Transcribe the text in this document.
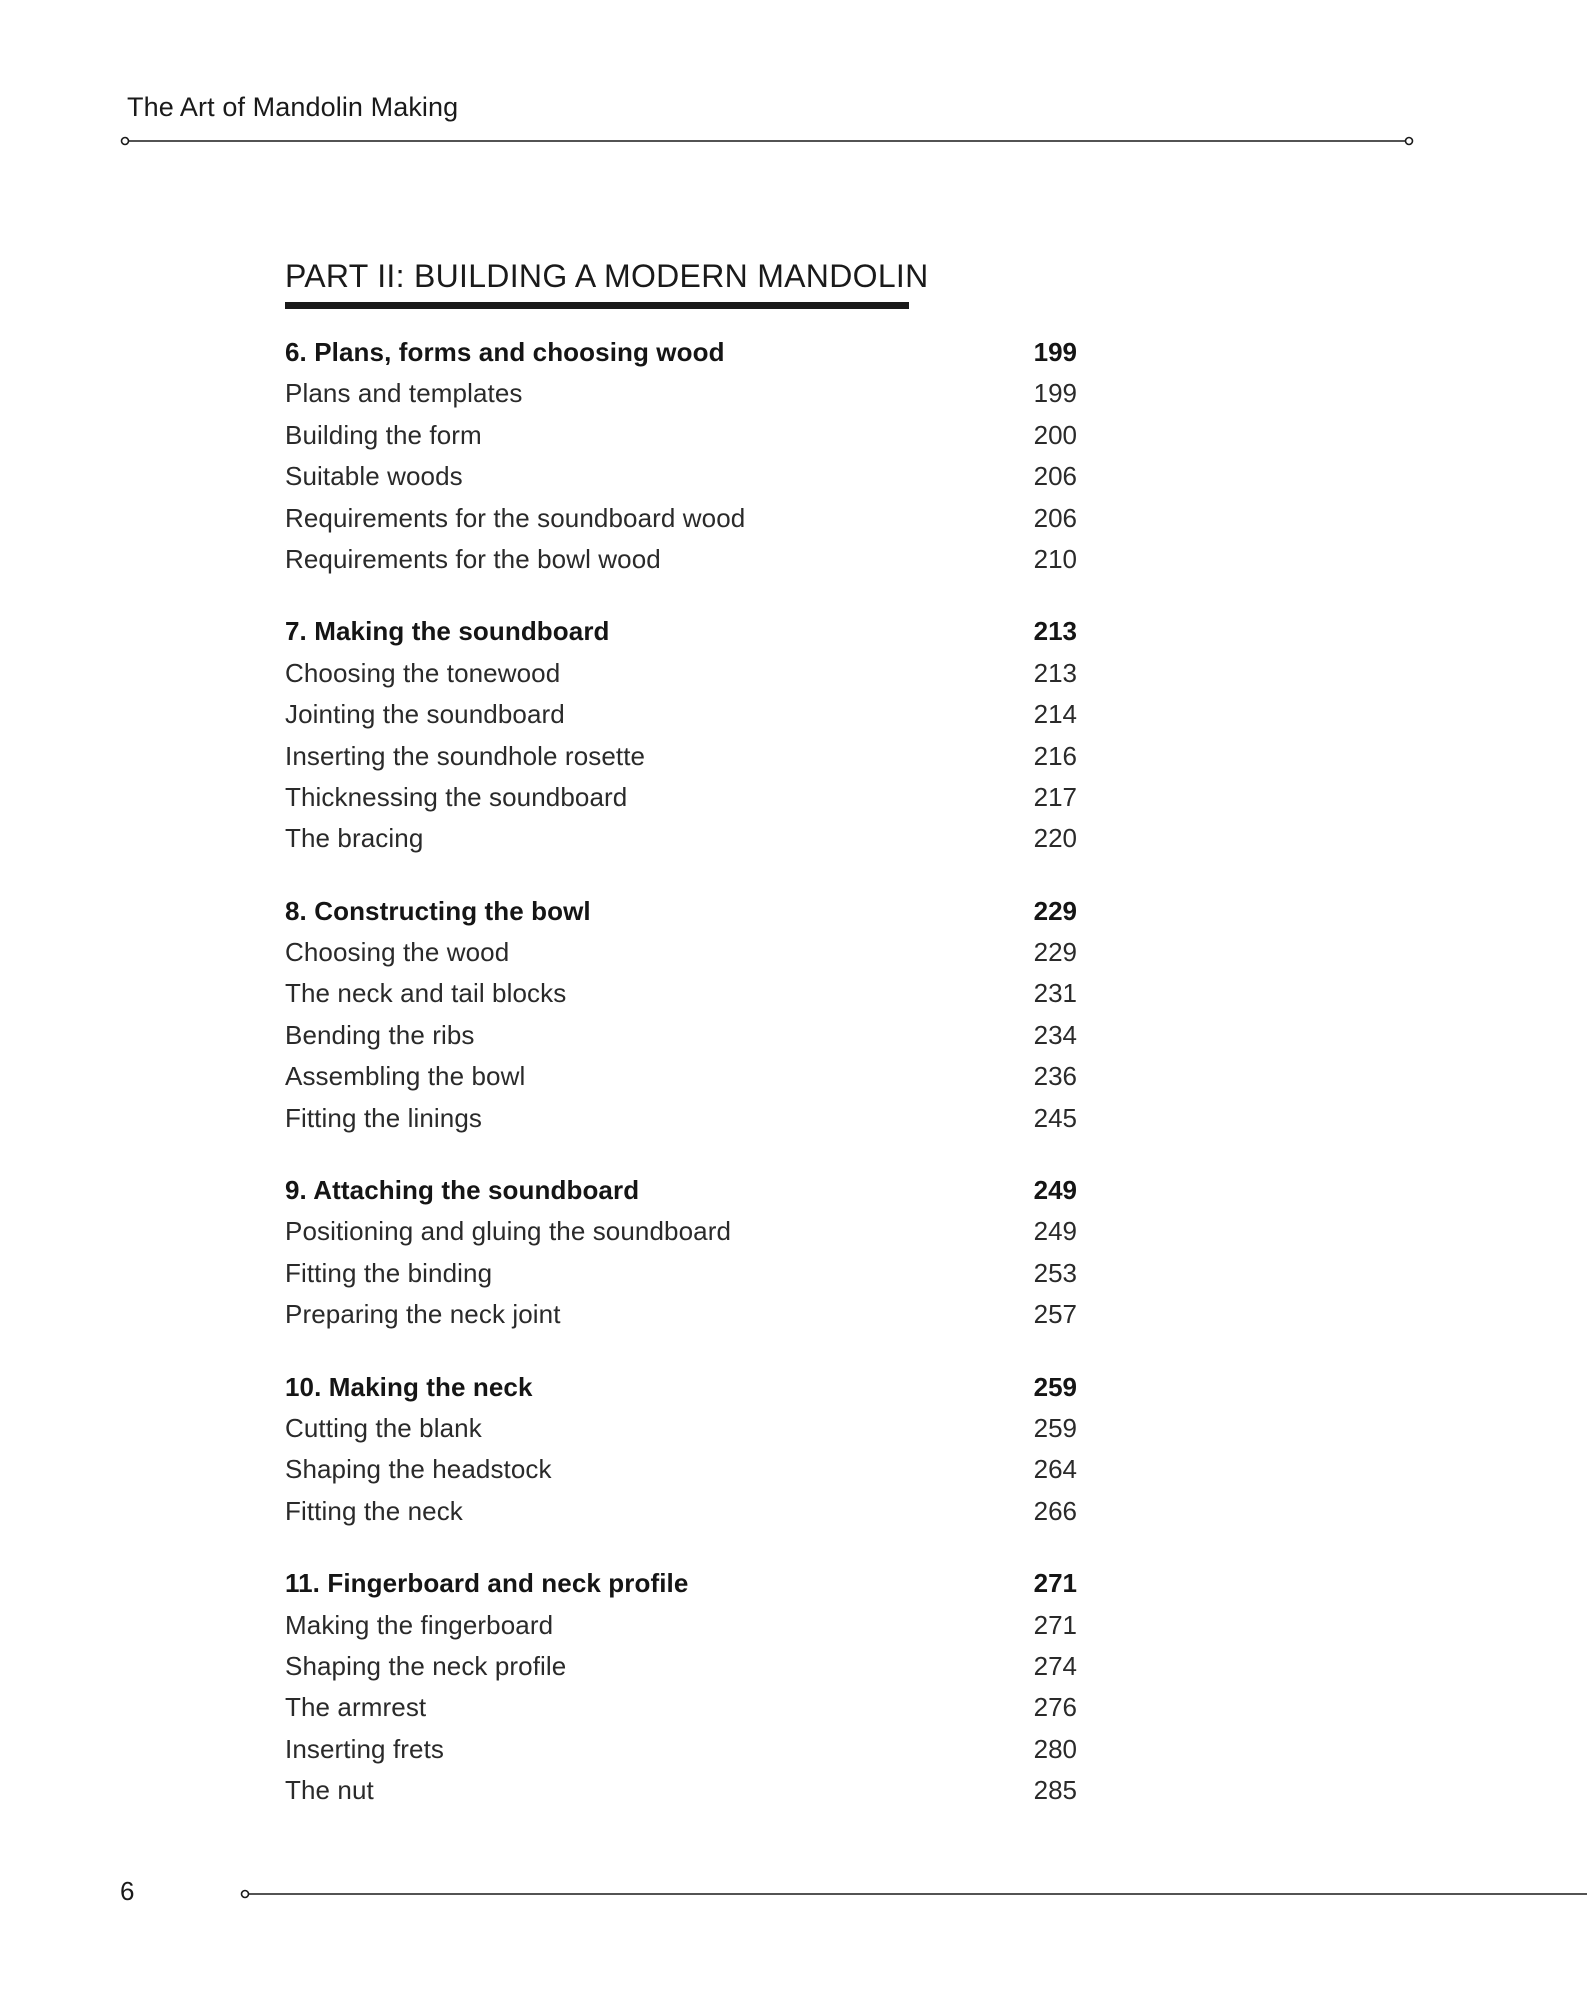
The Art of Mandolin Making
PART II: BUILDING A MODERN MANDOLIN
6. Plans, forms and choosing wood	199
Plans and templates	199
Building the form	200
Suitable woods	206
Requirements for the soundboard wood	206
Requirements for the bowl wood	210
7. Making the soundboard	213
Choosing the tonewood	213
Jointing the soundboard	214
Inserting the soundhole rosette	216
Thicknessing the soundboard	217
The bracing	220
8. Constructing the bowl	229
Choosing the wood	229
The neck and tail blocks	231
Bending the ribs	234
Assembling the bowl	236
Fitting the linings	245
9. Attaching the soundboard	249
Positioning and gluing the soundboard	249
Fitting the binding	253
Preparing the neck joint	257
10. Making the neck	259
Cutting the blank	259
Shaping the headstock	264
Fitting the neck	266
11. Fingerboard and neck profile	271
Making the fingerboard	271
Shaping the neck profile	274
The armrest	276
Inserting frets	280
The nut	285
6
